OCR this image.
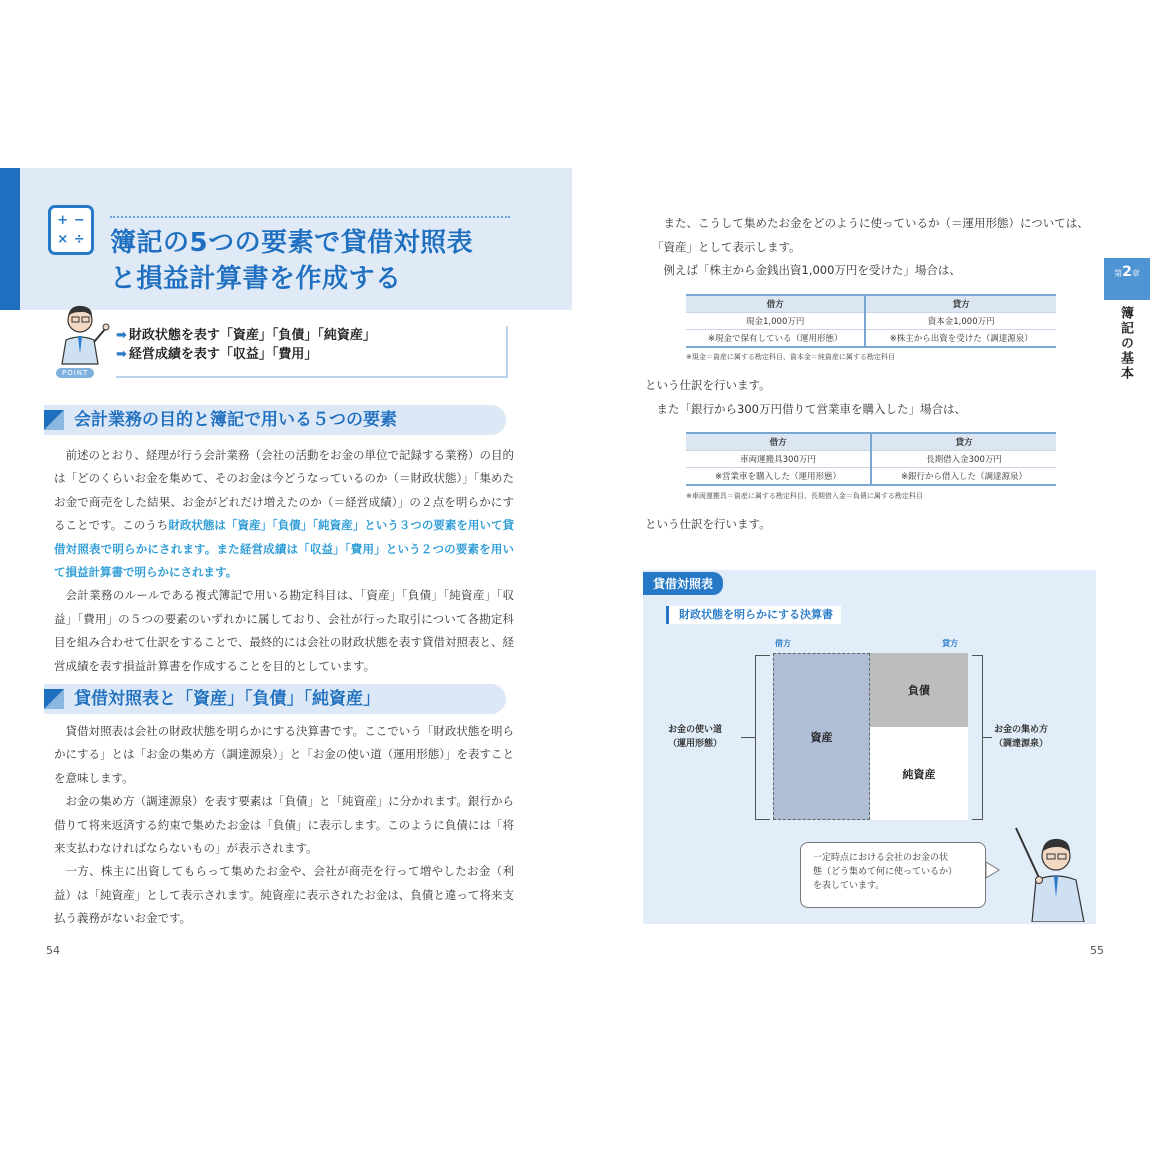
+ −
× ÷ 簿記の5つの要素で貸借対照表
と損益計算書を作成する
POINT
➡ 財政状態を表す「資産」「負債」「純資産」
➡ 経営成績を表す「収益」「費用」
会計業務の目的と簿記で用いる５つの要素

前述のとおり、経理が行う会計業務（会社の活動をお金の単位で記録する業務）の目的は「どのくらいお金を集めて、そのお金は今どうなっているのか（＝財政状態）」「集めたお金で商売をした結果、お金がどれだけ増えたのか（＝経営成績）」の２点を明らかにすることです。このうち財政状態は「資産」「負債」「純資産」という３つの要素を用いて貸借対照表で明らかにされます。また経営成績は「収益」「費用」という２つの要素を用いて損益計算書で明らかにされます。

会計業務のルールである複式簿記で用いる勘定科目は、「資産」「負債」「純資産」「収益」「費用」の５つの要素のいずれかに属しており、会社が行った取引について各勘定科目を組み合わせて仕訳をすることで、最終的には会社の財政状態を表す貸借対照表と、経営成績を表す損益計算書を作成することを目的としています。

貸借対照表と「資産」「負債」「純資産」

貸借対照表は会社の財政状態を明らかにする決算書です。ここでいう「財政状態を明らかにする」とは「お金の集め方（調達源泉）」と「お金の使い道（運用形態）」を表すことを意味します。

お金の集め方（調達源泉）を表す要素は「負債」と「純資産」に分かれます。銀行から借りて将来返済する約束で集めたお金は「負債」に表示します。このように負債には「将来支払わなければならないもの」が表示されます。

一方、株主に出資してもらって集めたお金や、会社が商売を行って増やしたお金（利益）は「純資産」として表示されます。純資産に表示されたお金は、負債と違って将来支払う義務がないお金です。

54
　また、こうして集めたお金をどのように使っているか（＝運用形態）については、「資産」として表示します。
　例えば「株主から金銭出資1,000万円を受けた」場合は、
借方	貸方
現金1,000万円	資本金1,000万円
※現金で保有している（運用形態）	※株主から出資を受けた（調達源泉）
※現金＝資産に属する勘定科目、資本金＝純資産に属する勘定科目
という仕訳を行います。
　また「銀行から300万円借りて営業車を購入した」場合は、
借方	貸方
車両運搬具300万円	長期借入金300万円
※営業車を購入した（運用形態）	※銀行から借入した（調達源泉）
※車両運搬具＝資産に属する勘定科目、長期借入金＝負債に属する勘定科目
という仕訳を行います。
第2章
簿記の基本
貸借対照表
財政状態を明らかにする決算書
借方	貸方
お金の使い道
（運用形態）
お金の集め方
（調達源泉）
資産
負債
純資産
一定時点における会社のお金の状
態（どう集めて何に使っているか）
を表しています。
55
